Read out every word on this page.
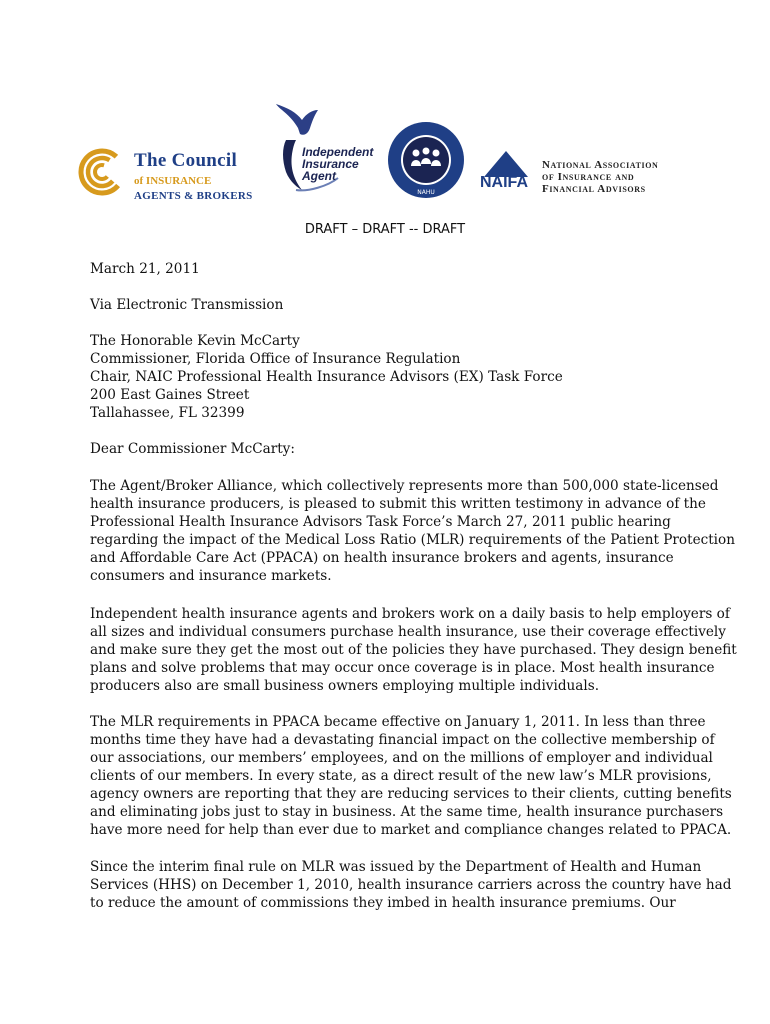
The Council
of INSURANCE
AGENTS & BROKERS
Independent
Insurance
Agent
NAHU
NAIFA
National Association
of Insurance and
Financial Advisors
DRAFT – DRAFT -- DRAFT
March 21, 2011
Via Electronic Transmission
The Honorable Kevin McCarty
Commissioner, Florida Office of Insurance Regulation
Chair, NAIC Professional Health Insurance Advisors (EX) Task Force
200 East Gaines Street
Tallahassee, FL 32399
Dear Commissioner McCarty:
The Agent/Broker Alliance, which collectively represents more than 500,000 state-licensed
health insurance producers, is pleased to submit this written testimony in advance of the
Professional Health Insurance Advisors Task Force’s March 27, 2011 public hearing
regarding the impact of the Medical Loss Ratio (MLR) requirements of the Patient Protection
and Affordable Care Act (PPACA) on health insurance brokers and agents, insurance
consumers and insurance markets.
Independent health insurance agents and brokers work on a daily basis to help employers of
all sizes and individual consumers purchase health insurance, use their coverage effectively
and make sure they get the most out of the policies they have purchased. They design benefit
plans and solve problems that may occur once coverage is in place. Most health insurance
producers also are small business owners employing multiple individuals.
The MLR requirements in PPACA became effective on January 1, 2011. In less than three
months time they have had a devastating financial impact on the collective membership of
our associations, our members’ employees, and on the millions of employer and individual
clients of our members. In every state, as a direct result of the new law’s MLR provisions,
agency owners are reporting that they are reducing services to their clients, cutting benefits
and eliminating jobs just to stay in business. At the same time, health insurance purchasers
have more need for help than ever due to market and compliance changes related to PPACA.
Since the interim final rule on MLR was issued by the Department of Health and Human
Services (HHS) on December 1, 2010, health insurance carriers across the country have had
to reduce the amount of commissions they imbed in health insurance premiums. Our
